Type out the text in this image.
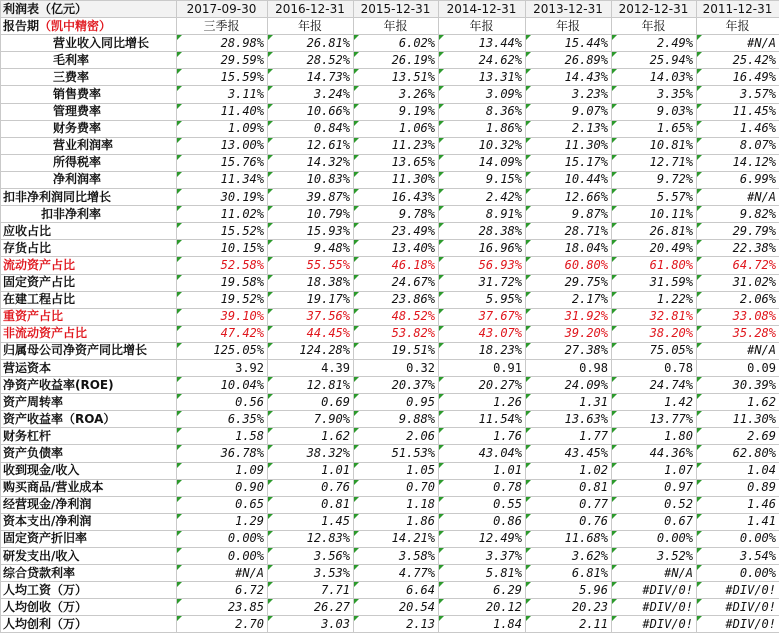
利润表（亿元）	2017-09-30	2016-12-31	2015-12-31	2014-12-31	2013-12-31	2012-12-31	2011-12-31
报告期（凯中精密）	三季报	年报	年报	年报	年报	年报	年报
营业收入同比增长	28.98%	26.81%	6.02%	13.44%	15.44%	2.49%	#N/A
毛利率	29.59%	28.52%	26.19%	24.62%	26.89%	25.94%	25.42%
三费率	15.59%	14.73%	13.51%	13.31%	14.43%	14.03%	16.49%
销售费率	3.11%	3.24%	3.26%	3.09%	3.23%	3.35%	3.57%
管理费率	11.40%	10.66%	9.19%	8.36%	9.07%	9.03%	11.45%
财务费率	1.09%	0.84%	1.06%	1.86%	2.13%	1.65%	1.46%
营业利润率	13.00%	12.61%	11.23%	10.32%	11.30%	10.81%	8.07%
所得税率	15.76%	14.32%	13.65%	14.09%	15.17%	12.71%	14.12%
净利润率	11.34%	10.83%	11.30%	9.15%	10.44%	9.72%	6.99%
扣非净利润同比增长	30.19%	39.87%	16.43%	2.42%	12.66%	5.57%	#N/A
扣非净利率	11.02%	10.79%	9.78%	8.91%	9.87%	10.11%	9.82%
应收占比	15.52%	15.93%	23.49%	28.38%	28.71%	26.81%	29.79%
存货占比	10.15%	9.48%	13.40%	16.96%	18.04%	20.49%	22.38%
流动资产占比	52.58%	55.55%	46.18%	56.93%	60.80%	61.80%	64.72%
固定资产占比	19.58%	18.38%	24.67%	31.72%	29.75%	31.59%	31.02%
在建工程占比	19.52%	19.17%	23.86%	5.95%	2.17%	1.22%	2.06%
重资产占比	39.10%	37.56%	48.52%	37.67%	31.92%	32.81%	33.08%
非流动资产占比	47.42%	44.45%	53.82%	43.07%	39.20%	38.20%	35.28%
归属母公司净资产同比增长	125.05%	124.28%	19.51%	18.23%	27.38%	75.05%	#N/A
营运资本	3.92	4.39	0.32	0.91	0.98	0.78	0.09
净资产收益率(ROE)	10.04%	12.81%	20.37%	20.27%	24.09%	24.74%	30.39%
资产周转率	0.56	0.69	0.95	1.26	1.31	1.42	1.62
资产收益率（ROA）	6.35%	7.90%	9.88%	11.54%	13.63%	13.77%	11.30%
财务杠杆	1.58	1.62	2.06	1.76	1.77	1.80	2.69
资产负债率	36.78%	38.32%	51.53%	43.04%	43.45%	44.36%	62.80%
收到现金/收入	1.09	1.01	1.05	1.01	1.02	1.07	1.04
购买商品/营业成本	0.90	0.76	0.70	0.78	0.81	0.97	0.89
经营现金/净利润	0.65	0.81	1.18	0.55	0.77	0.52	1.46
资本支出/净利润	1.29	1.45	1.86	0.86	0.76	0.67	1.41
固定资产折旧率	0.00%	12.83%	14.21%	12.49%	11.68%	0.00%	0.00%
研发支出/收入	0.00%	3.56%	3.58%	3.37%	3.62%	3.52%	3.54%
综合贷款利率	#N/A	3.53%	4.77%	5.81%	6.81%	#N/A	0.00%
人均工资（万）	6.72	7.71	6.64	6.29	5.96	#DIV/0!	#DIV/0!
人均创收（万）	23.85	26.27	20.54	20.12	20.23	#DIV/0!	#DIV/0!
人均创利（万）	2.70	3.03	2.13	1.84	2.11	#DIV/0!	#DIV/0!
